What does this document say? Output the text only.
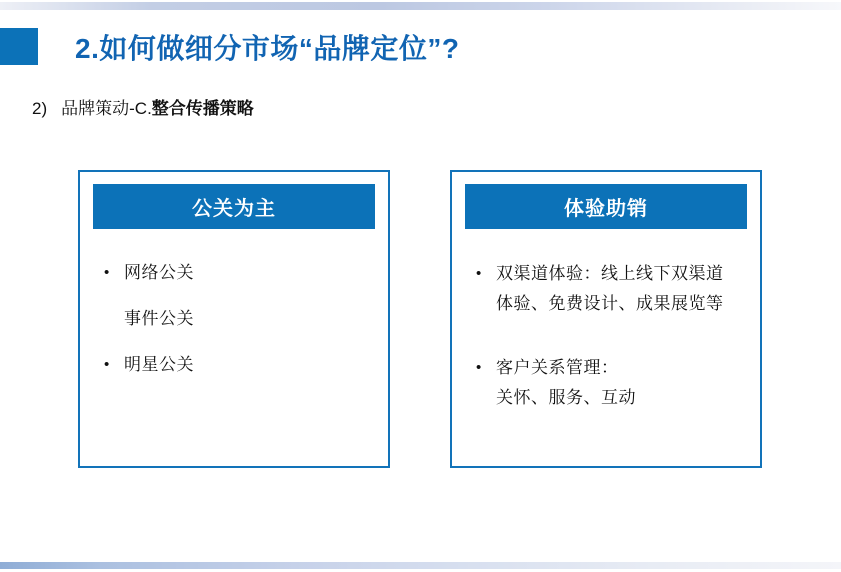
2.如何做细分市场“品牌定位”?
2) 品牌策动-C.整合传播策略
公关为主
• 网络公关
事件公关
• 明星公关
体验助销
• 双渠道体验：线上线下双渠道
体验、免费设计、成果展览等
• 客户关系管理：
关怀、服务、互动
